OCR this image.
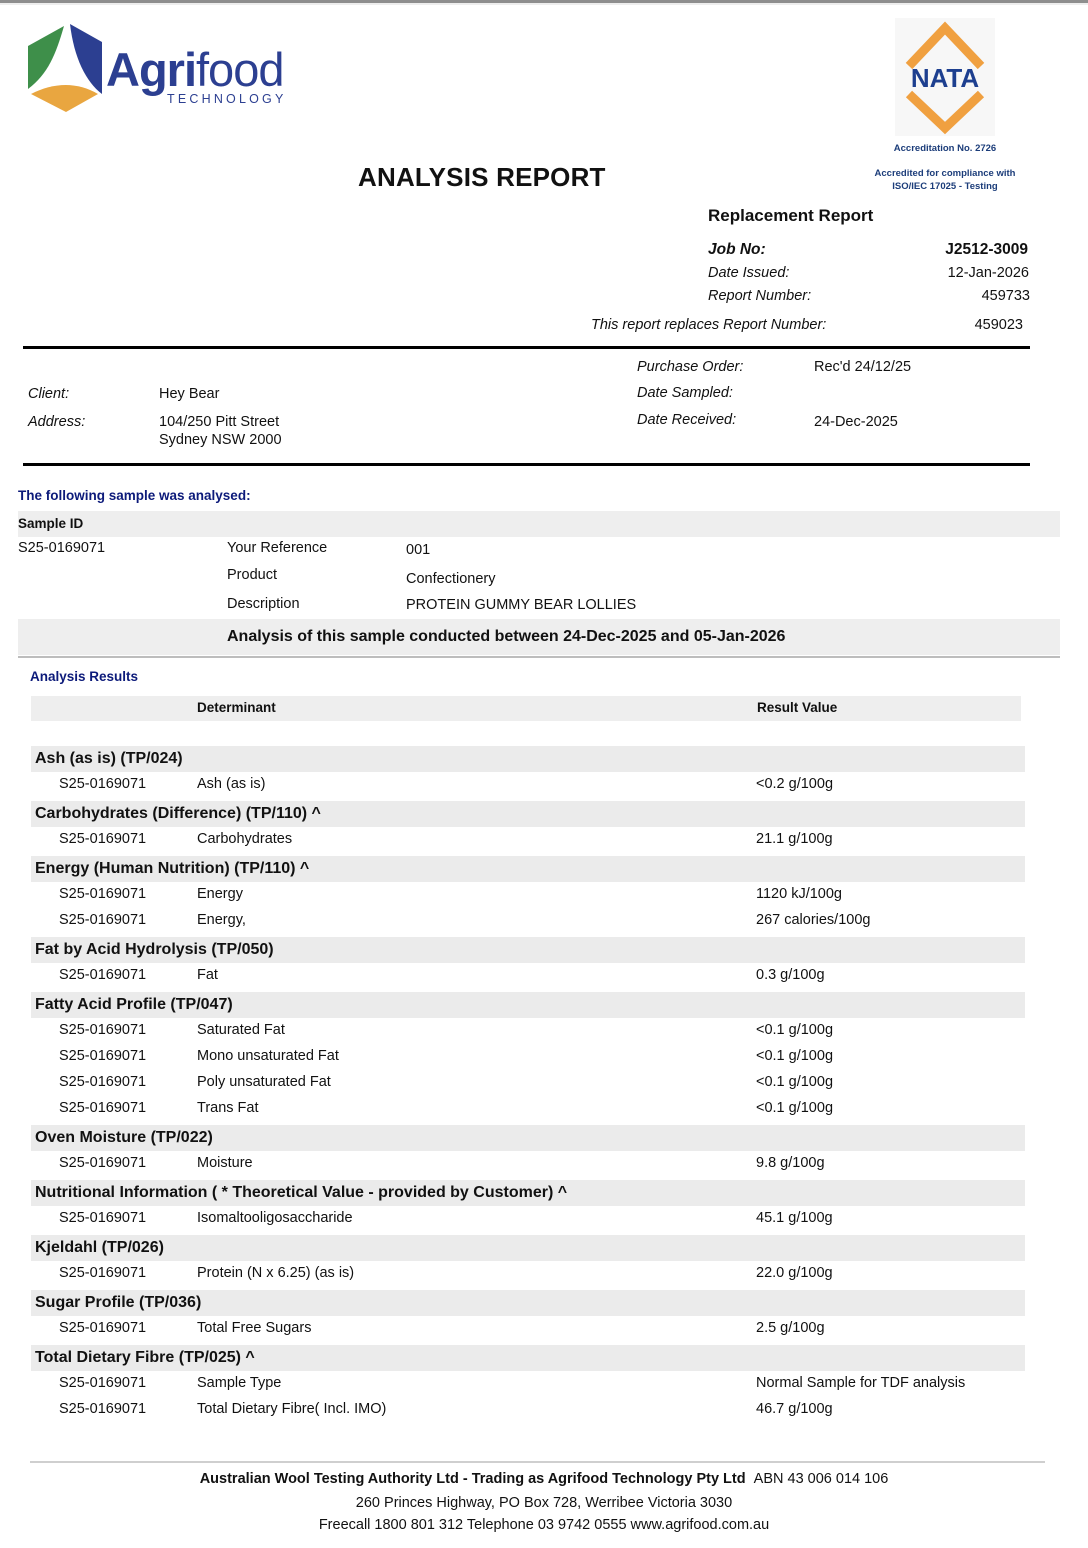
Agrifood
TECHNOLOGY
NATA
Accreditation No. 2726
Accredited for compliance with
ISO/IEC 17025 - Testing
ANALYSIS REPORT
Replacement Report
Job No:	J2512-3009
Date Issued:	12-Jan-2026
Report Number:	459733
This report replaces Report Number:	459023
Client:	Hey Bear
Address:	104/250 Pitt Street
Sydney NSW 2000
Purchase Order:	Rec'd 24/12/25
Date Sampled:
Date Received:	24-Dec-2025
The following sample was analysed:
Sample ID
S25-0169071	Your Reference	001
Product	Confectionery
Description	PROTEIN GUMMY BEAR LOLLIES
Analysis of this sample conducted between 24-Dec-2025 and 05-Jan-2026
Analysis Results
Determinant	Result Value
Ash (as is) (TP/024)
S25-0169071	Ash (as is)	<0.2 g/100g
Carbohydrates (Difference) (TP/110) ^
S25-0169071	Carbohydrates	21.1 g/100g
Energy (Human Nutrition) (TP/110) ^
S25-0169071	Energy	1120 kJ/100g
S25-0169071	Energy,	267 calories/100g
Fat by Acid Hydrolysis (TP/050)
S25-0169071	Fat	0.3 g/100g
Fatty Acid Profile (TP/047)
S25-0169071	Saturated Fat	<0.1 g/100g
S25-0169071	Mono unsaturated Fat	<0.1 g/100g
S25-0169071	Poly unsaturated Fat	<0.1 g/100g
S25-0169071	Trans Fat	<0.1 g/100g
Oven Moisture (TP/022)
S25-0169071	Moisture	9.8 g/100g
Nutritional Information ( * Theoretical Value - provided by Customer) ^
S25-0169071	Isomaltooligosaccharide	45.1 g/100g
Kjeldahl (TP/026)
S25-0169071	Protein (N x 6.25) (as is)	22.0 g/100g
Sugar Profile (TP/036)
S25-0169071	Total Free Sugars	2.5 g/100g
Total Dietary Fibre (TP/025) ^
S25-0169071	Sample Type	Normal Sample for TDF analysis
S25-0169071	Total Dietary Fibre( Incl. IMO)	46.7 g/100g
Australian Wool Testing Authority Ltd - Trading as Agrifood Technology Pty Ltd ABN 43 006 014 106
260 Princes Highway, PO Box 728, Werribee Victoria 3030
Freecall 1800 801 312 Telephone 03 9742 0555 www.agrifood.com.au
